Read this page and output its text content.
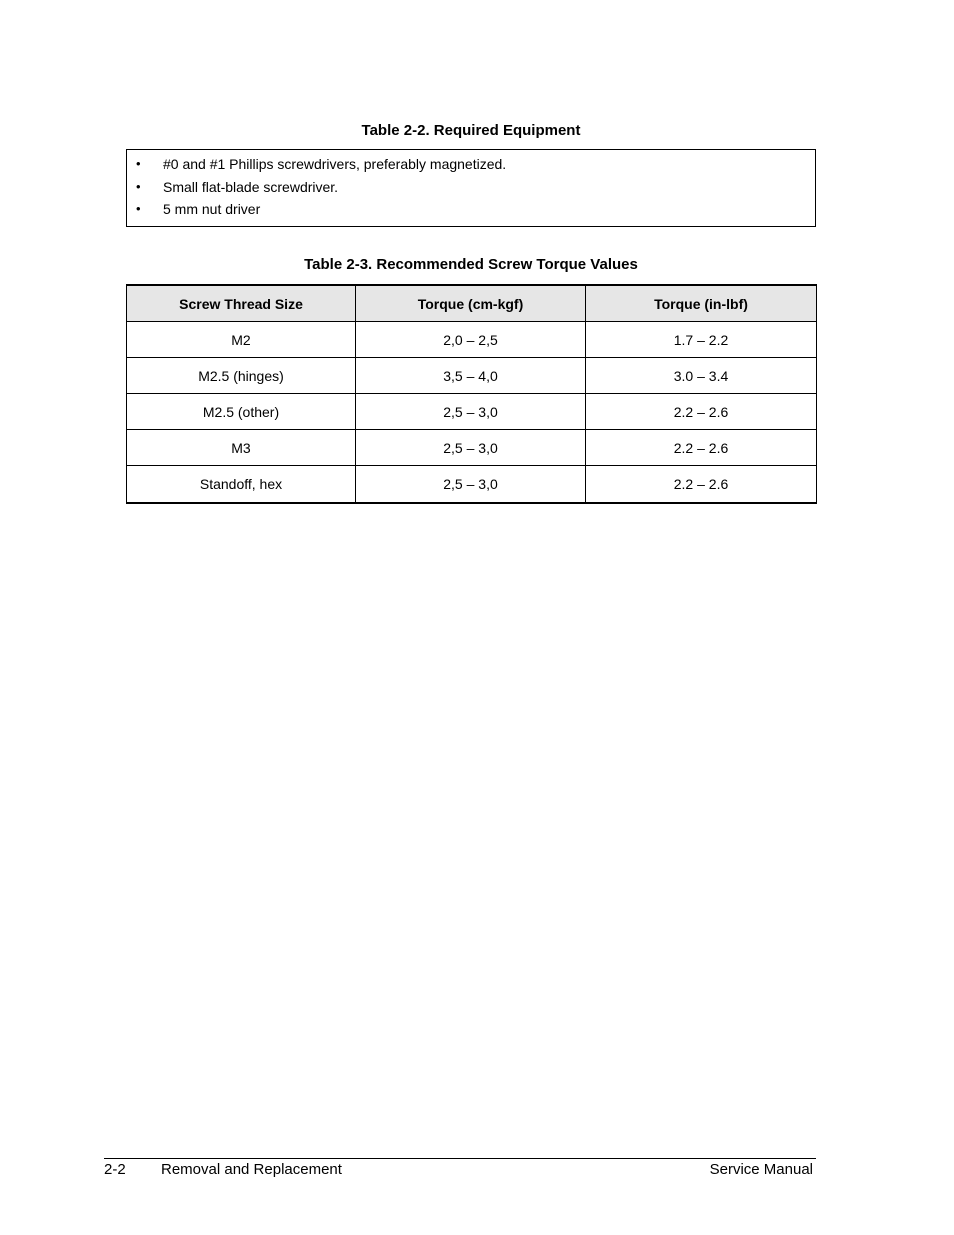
Table 2-2. Required Equipment
• #0 and #1 Phillips screwdrivers, preferably magnetized.
• Small flat-blade screwdriver.
• 5 mm nut driver
Table 2-3. Recommended Screw Torque Values
Screw Thread Size	Torque (cm-kgf)	Torque (in-lbf)
M2	2,0 – 2,5	1.7 – 2.2
M2.5 (hinges)	3,5 – 4,0	3.0 – 3.4
M2.5 (other)	2,5 – 3,0	2.2 – 2.6
M3	2,5 – 3,0	2.2 – 2.6
Standoff, hex	2,5 – 3,0	2.2 – 2.6
2-2 Removal and Replacement	Service Manual
